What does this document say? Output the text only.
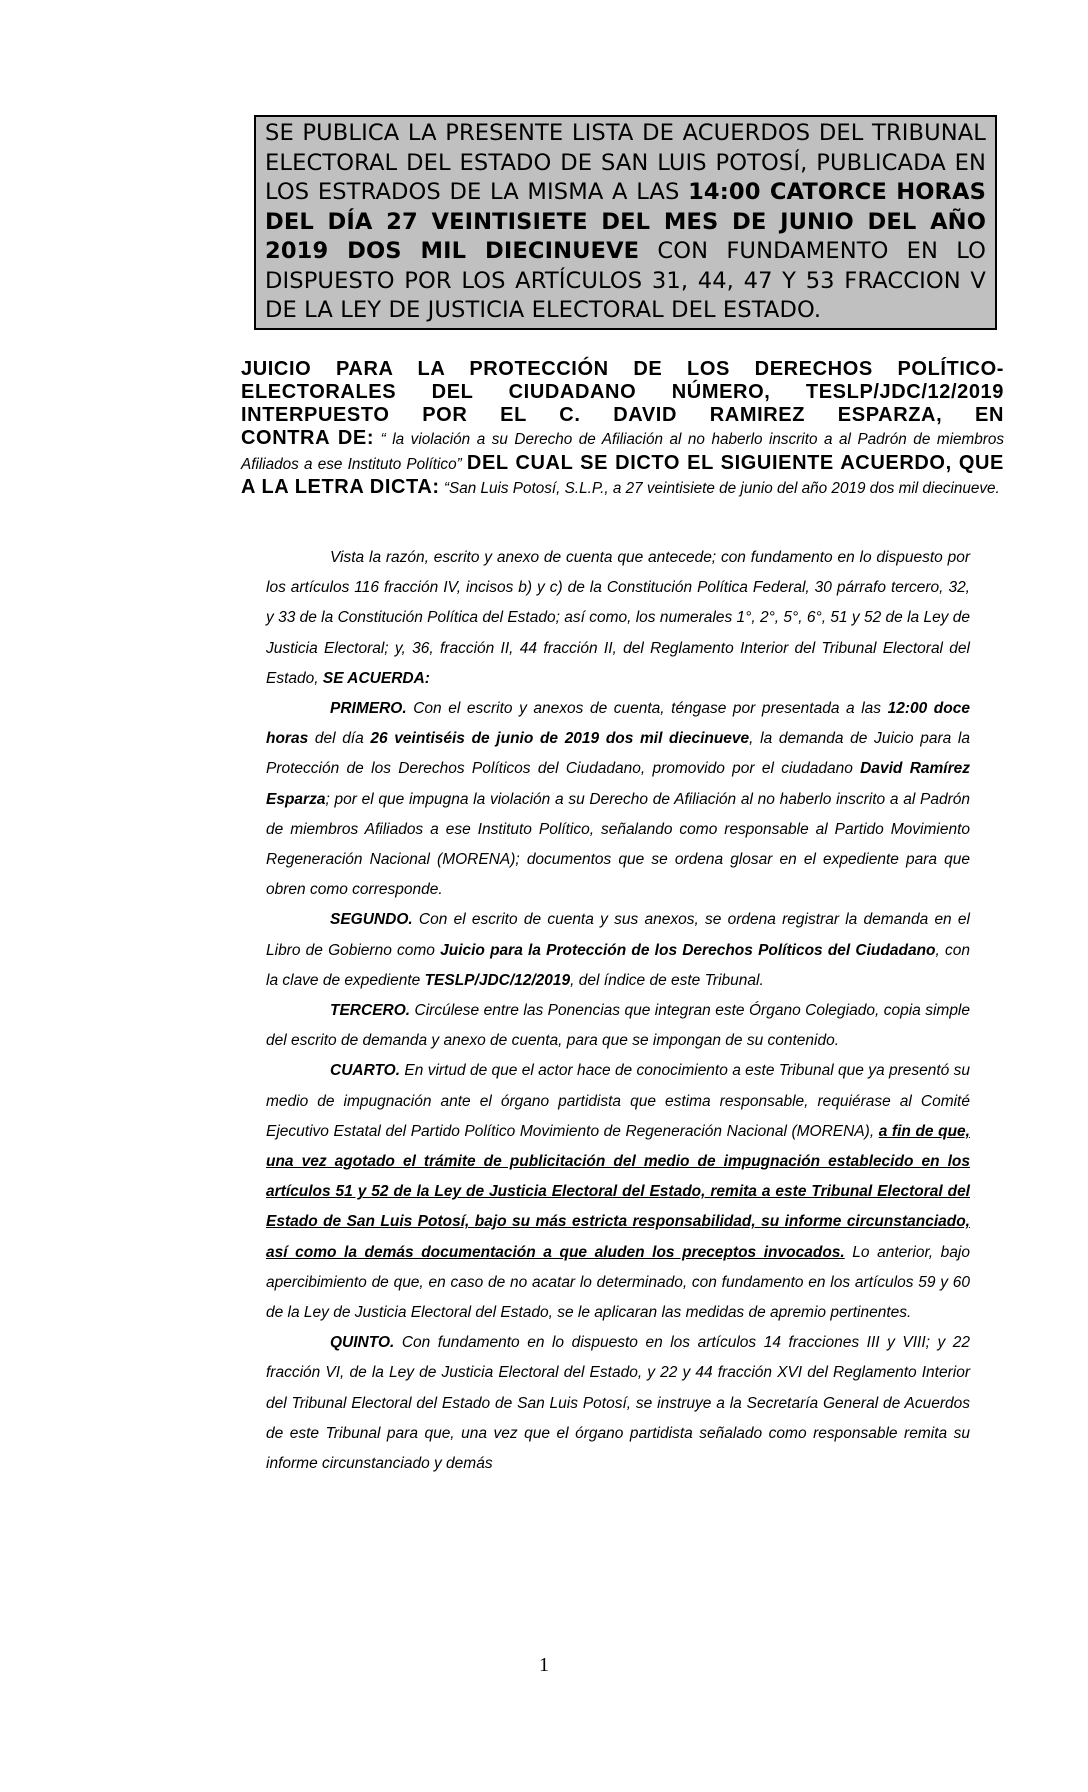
SE PUBLICA LA PRESENTE LISTA DE ACUERDOS DEL TRIBUNAL ELECTORAL DEL ESTADO DE SAN LUIS POTOSÍ, PUBLICADA EN LOS ESTRADOS DE LA MISMA A LAS 14:00 CATORCE HORAS DEL DÍA 27 VEINTISIETE DEL MES DE JUNIO DEL AÑO 2019 DOS MIL DIECINUEVE CON FUNDAMENTO EN LO DISPUESTO POR LOS ARTÍCULOS 31, 44, 47 Y 53 FRACCION V DE LA LEY DE JUSTICIA ELECTORAL DEL ESTADO.
JUICIO PARA LA PROTECCIÓN DE LOS DERECHOS POLÍTICO-
ELECTORALES DEL CIUDADANO NÚMERO, TESLP/JDC/12/2019
INTERPUESTO POR EL C. DAVID RAMIREZ ESPARZA, EN
CONTRA DE: “ la violación a su Derecho de Afiliación al no haberlo inscrito a al Padrón de miembros Afiliados a ese Instituto Político” DEL CUAL SE DICTO EL SIGUIENTE ACUERDO, QUE A LA LETRA DICTA: “San Luis Potosí, S.L.P., a 27 veintisiete de junio del año 2019 dos mil diecinueve.

Vista la razón, escrito y anexo de cuenta que antecede; con fundamento en lo dispuesto por los artículos 116 fracción IV, incisos b) y c) de la Constitución Política Federal, 30 párrafo tercero, 32, y 33 de la Constitución Política del Estado; así como, los numerales 1°, 2°, 5°, 6°, 51 y 52 de la Ley de Justicia Electoral; y, 36, fracción II, 44 fracción II, del Reglamento Interior del Tribunal Electoral del Estado, SE ACUERDA:

PRIMERO. Con el escrito y anexos de cuenta, téngase por presentada a las 12:00 doce horas del día 26 veintiséis de junio de 2019 dos mil diecinueve, la demanda de Juicio para la Protección de los Derechos Políticos del Ciudadano, promovido por el ciudadano David Ramírez Esparza; por el que impugna la violación a su Derecho de Afiliación al no haberlo inscrito a al Padrón de miembros Afiliados a ese Instituto Político, señalando como responsable al Partido Movimiento Regeneración Nacional (MORENA); documentos que se ordena glosar en el expediente para que obren como corresponde.

SEGUNDO. Con el escrito de cuenta y sus anexos, se ordena registrar la demanda en el Libro de Gobierno como Juicio para la Protección de los Derechos Políticos del Ciudadano, con la clave de expediente TESLP/JDC/12/2019, del índice de este Tribunal.

TERCERO. Circúlese entre las Ponencias que integran este Órgano Colegiado, copia simple del escrito de demanda y anexo de cuenta, para que se impongan de su contenido.

CUARTO. En virtud de que el actor hace de conocimiento a este Tribunal que ya presentó su medio de impugnación ante el órgano partidista que estima responsable, requiérase al Comité Ejecutivo Estatal del Partido Político Movimiento de Regeneración Nacional (MORENA), a fin de que, una vez agotado el trámite de publicitación del medio de impugnación establecido en los artículos 51 y 52 de la Ley de Justicia Electoral del Estado, remita a este Tribunal Electoral del Estado de San Luis Potosí, bajo su más estricta responsabilidad, su informe circunstanciado, así como la demás documentación a que aluden los preceptos invocados. Lo anterior, bajo apercibimiento de que, en caso de no acatar lo determinado, con fundamento en los artículos 59 y 60 de la Ley de Justicia Electoral del Estado, se le aplicaran las medidas de apremio pertinentes.

QUINTO. Con fundamento en lo dispuesto en los artículos 14 fracciones III y VIII; y 22 fracción VI, de la Ley de Justicia Electoral del Estado, y 22 y 44 fracción XVI del Reglamento Interior del Tribunal Electoral del Estado de San Luis Potosí, se instruye a la Secretaría General de Acuerdos de este Tribunal para que, una vez que el órgano partidista señalado como responsable remita su informe circunstanciado y demás

1
